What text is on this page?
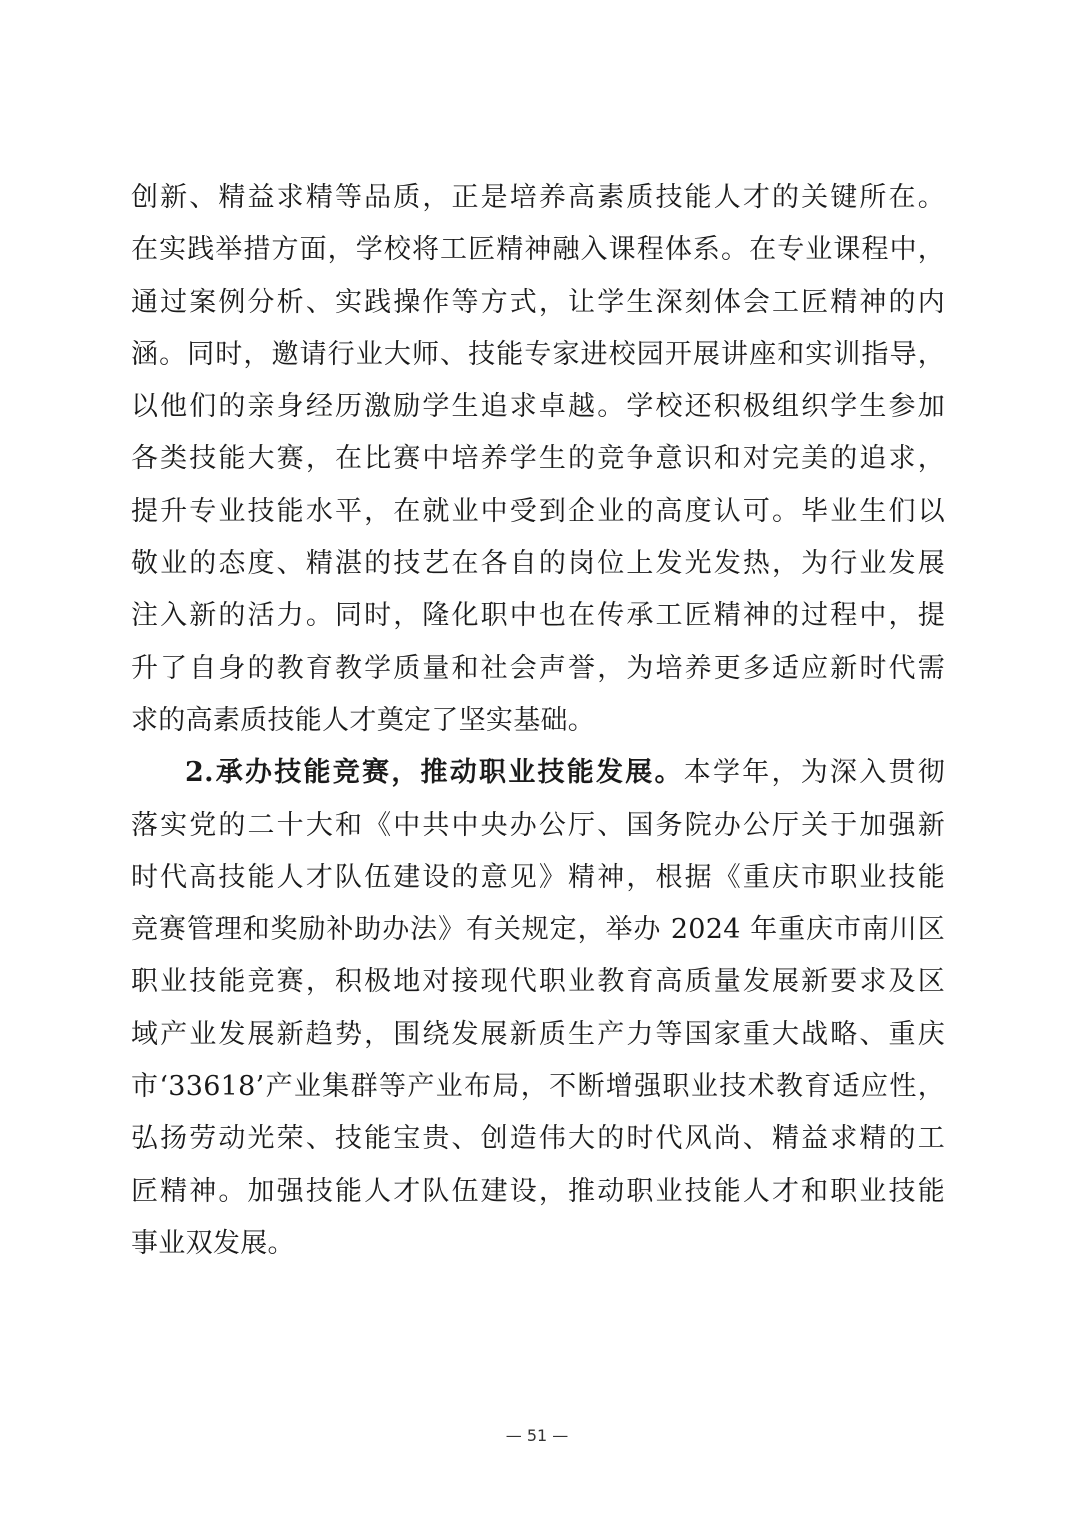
创新、精益求精等品质，正是培养高素质技能人才的关键所在。
在实践举措方面，学校将工匠精神融入课程体系。在专业课程中，
通过案例分析、实践操作等方式，让学生深刻体会工匠精神的内
涵。同时，邀请行业大师、技能专家进校园开展讲座和实训指导，
以他们的亲身经历激励学生追求卓越。学校还积极组织学生参加
各类技能大赛，在比赛中培养学生的竞争意识和对完美的追求，
提升专业技能水平，在就业中受到企业的高度认可。毕业生们以
敬业的态度、精湛的技艺在各自的岗位上发光发热，为行业发展
注入新的活力。同时，隆化职中也在传承工匠精神的过程中，提
升了自身的教育教学质量和社会声誉，为培养更多适应新时代需
求的高素质技能人才奠定了坚实基础。
2.承办技能竞赛，推动职业技能发展。本学年，为深入贯彻
落实党的二十大和《中共中央办公厅、国务院办公厅关于加强新
时代高技能人才队伍建设的意见》精神，根据《重庆市职业技能
竞赛管理和奖励补助办法》有关规定，举办 2024 年重庆市南川区
职业技能竞赛，积极地对接现代职业教育高质量发展新要求及区
域产业发展新趋势，围绕发展新质生产力等国家重大战略、重庆
市‘33618’产业集群等产业布局，不断增强职业技术教育适应性，
弘扬劳动光荣、技能宝贵、创造伟大的时代风尚、精益求精的工
匠精神。加强技能人才队伍建设，推动职业技能人才和职业技能
事业双发展。
— 51 —
